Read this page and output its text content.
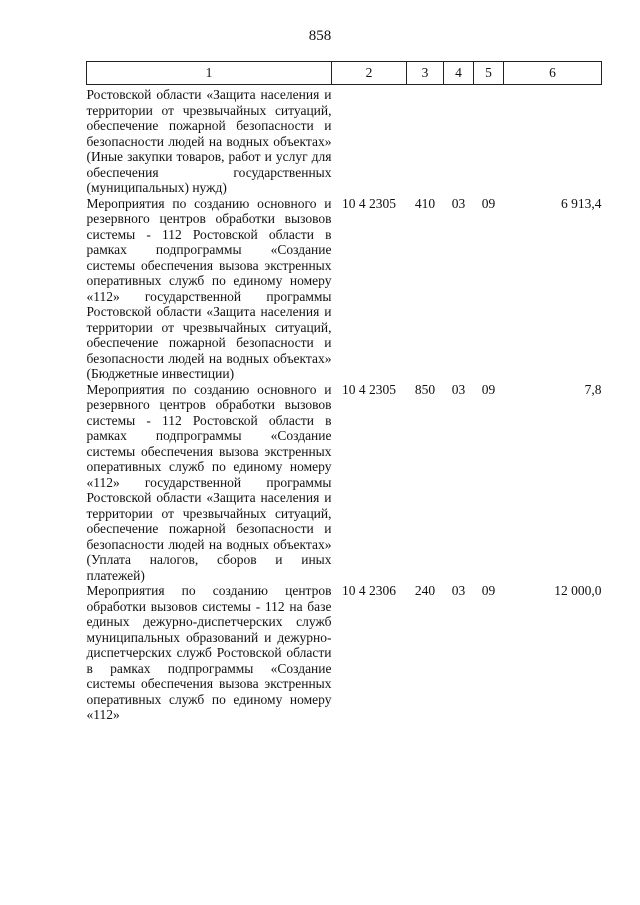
858
1	2	3	4	5	6
Ростовской области «Защита населения и территории от чрезвычайных ситуаций, обеспечение пожарной безопасности и безопасности людей на водных объектах» (Иные закупки товаров, работ и услуг для обеспечения государственных (муниципальных) нужд)					
Мероприятия по созданию основного и резервного центров обработки вызовов системы - 112 Ростовской области в рамках подпрограммы «Создание системы обеспечения вызова экстренных оперативных служб по единому номеру «112» государственной программы Ростовской области «Защита населения и территории от чрезвычайных ситуаций, обеспечение пожарной безопасности и безопасности людей на водных объектах» (Бюджетные инвестиции)	10 4 2305	410	03	09	6 913,4
Мероприятия по созданию основного и резервного центров обработки вызовов системы - 112 Ростовской области в рамках подпрограммы «Создание системы обеспечения вызова экстренных оперативных служб по единому номеру «112» государственной программы Ростовской области «Защита населения и территории от чрезвычайных ситуаций, обеспечение пожарной безопасности и безопасности людей на водных объектах» (Уплата налогов, сборов и иных платежей)	10 4 2305	850	03	09	7,8
Мероприятия по созданию центров обработки вызовов системы - 112 на базе единых дежурно-диспетчерских служб муниципальных образований и дежурно-диспетчерских служб Ростовской области в рамках подпрограммы «Создание системы обеспечения вызова экстренных оперативных служб по единому номеру «112»	10 4 2306	240	03	09	12 000,0
